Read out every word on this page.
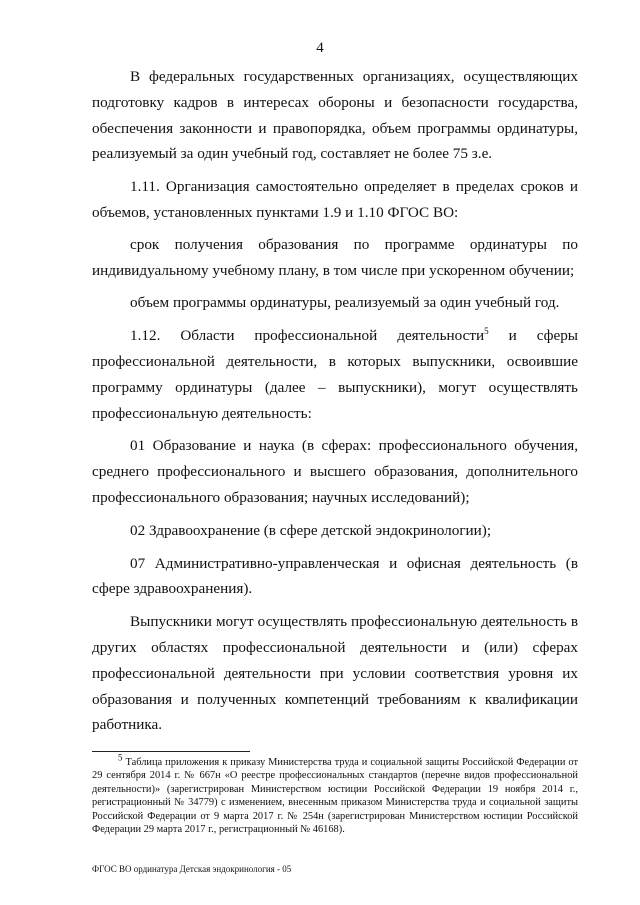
4

В федеральных государственных организациях, осуществляющих подготовку кадров в интересах обороны и безопасности государства, обеспечения законности и правопорядка, объем программы ординатуры, реализуемый за один учебный год, составляет не более 75 з.е.

1.11. Организация самостоятельно определяет в пределах сроков и объемов, установленных пунктами 1.9 и 1.10 ФГОС ВО:

срок получения образования по программе ординатуры по индивидуальному учебному плану, в том числе при ускоренном обучении;

объем программы ординатуры, реализуемый за один учебный год.

1.12. Области профессиональной деятельности$^5$ и сферы профессиональной деятельности, в которых выпускники, освоившие программу ординатуры (далее – выпускники), могут осуществлять профессиональную деятельность:

01 Образование и наука (в сферах: профессионального обучения, среднего профессионального и высшего образования, дополнительного профессионального образования; научных исследований);

02 Здравоохранение (в сфере детской эндокринологии);

07 Административно-управленческая и офисная деятельность (в сфере здравоохранения).

Выпускники могут осуществлять профессиональную деятельность в других областях профессиональной деятельности и (или) сферах профессиональной деятельности при условии соответствия уровня их образования и полученных компетенций требованиям к квалификации работника.

$^5$ Таблица приложения к приказу Министерства труда и социальной защиты Российской Федерации от 29 сентября 2014 г. № 667н «О реестре профессиональных стандартов (перечне видов профессиональной деятельности)» (зарегистрирован Министерством юстиции Российской Федерации 19 ноября 2014 г., регистрационный № 34779) с изменением, внесенным приказом Министерства труда и социальной защиты Российской Федерации от 9 марта 2017 г. № 254н (зарегистрирован Министерством юстиции Российской Федерации 29 марта 2017 г., регистрационный № 46168).

ФГОС ВО ординатура Детская эндокринология - 05
